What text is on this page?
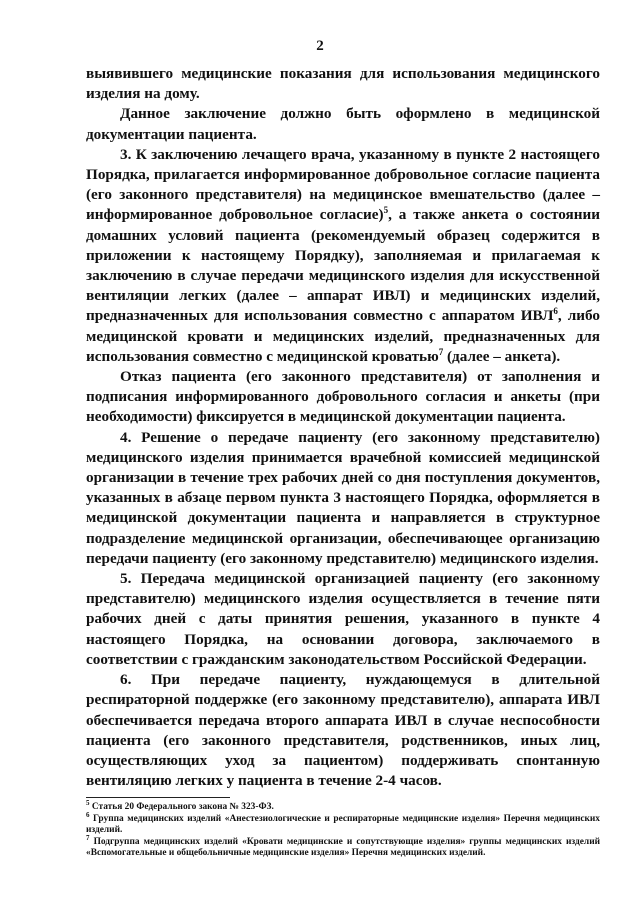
2

выявившего медицинские показания для использования медицинского изделия на дому.

Данное заключение должно быть оформлено в медицинской документации пациента.

3. К заключению лечащего врача, указанному в пункте 2 настоящего Порядка, прилагается информированное добровольное согласие пациента (его законного представителя) на медицинское вмешательство (далее – информированное добровольное согласие)$^5$, а также анкета о состоянии домашних условий пациента (рекомендуемый образец содержится в приложении к настоящему Порядку), заполняемая и прилагаемая к заключению в случае передачи медицинского изделия для искусственной вентиляции легких (далее – аппарат ИВЛ) и медицинских изделий, предназначенных для использования совместно с аппаратом ИВЛ$^6$, либо медицинской кровати и медицинских изделий, предназначенных для использования совместно с медицинской кроватью$^7$ (далее – анкета).

Отказ пациента (его законного представителя) от заполнения и подписания информированного добровольного согласия и анкеты (при необходимости) фиксируется в медицинской документации пациента.

4. Решение о передаче пациенту (его законному представителю) медицинского изделия принимается врачебной комиссией медицинской организации в течение трех рабочих дней со дня поступления документов, указанных в абзаце первом пункта 3 настоящего Порядка, оформляется в медицинской документации пациента и направляется в структурное подразделение медицинской организации, обеспечивающее организацию передачи пациенту (его законному представителю) медицинского изделия.

5. Передача медицинской организацией пациенту (его законному представителю) медицинского изделия осуществляется в течение пяти рабочих дней с даты принятия решения, указанного в пункте 4 настоящего Порядка, на основании договора, заключаемого в соответствии с гражданским законодательством Российской Федерации.

6. При передаче пациенту, нуждающемуся в длительной респираторной поддержке (его законному представителю), аппарата ИВЛ обеспечивается передача второго аппарата ИВЛ в случае неспособности пациента (его законного представителя, родственников, иных лиц, осуществляющих уход за пациентом) поддерживать спонтанную вентиляцию легких у пациента в течение 2-4 часов.

$^5$ Статья 20 Федерального закона № 323-ФЗ.

$^6$ Группа медицинских изделий «Анестезиологические и респираторные медицинские изделия» Перечня медицинских изделий.

$^7$ Подгруппа медицинских изделий «Кровати медицинские и сопутствующие изделия» группы медицинских изделий «Вспомогательные и общебольничные медицинские изделия» Перечня медицинских изделий.
